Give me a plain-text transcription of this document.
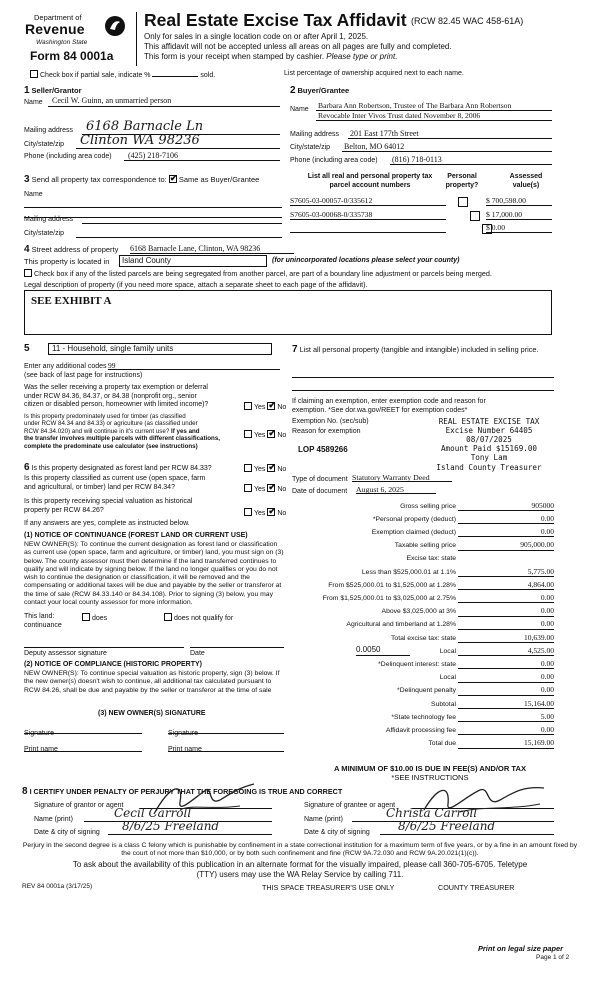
Department of
Revenue
Washington State
Form 84 0001a
Real Estate Excise Tax Affidavit (RCW 82.45 WAC 458-61A)
Only for sales in a single location code on or after April 1, 2025.
This affidavit will not be accepted unless all areas on all pages are fully and completed.
This form is your receipt when stamped by cashier. Please type or print.
Check box if partial sale, indicate %	sold.	List percentage of ownership acquired next to each name.
1 Seller/Grantor
Name	Cecil W. Guinn, an unmarried person
Mailing address 6168 Barnacle Ln
City/state/zip	Clinton WA 98236
Phone (including area code)	(425) 218-7106
2 Buyer/Grantee
Name Barbara Ann Robertson, Trustee of The Barbara Ann Robertson
Revocable Inter Vivos Trust dated November 8, 2006
Mailing address 201 East 177th Street
City/state/zip Belton, MO 64012
Phone (including area code) (816) 718-0113
3 Send all property tax correspondence to: ✔ Same as Buyer/Grantee
Name
Mailing address
City/state/zip
List all real and personal property tax
parcel account numbers
Personal
property?
Assessed
value(s)
S7605-03-00057-0/335612	$ 700,598.00
S7605-03-00068-0/335738	$ 17,000.00
$ 0.00
4 Street address of property 6168 Barnacle Lane, Clinton, WA 98236
This property is located in	Island County	(for unincorporated locations please select your county)
Check box if any of the listed parcels are being segregated from another parcel, are part of a boundary line adjustment or parcels being merged.
Legal description of property (if you need more space, attach a separate sheet to each page of the affidavit).
SEE EXHIBIT A
5	11 - Household, single family units
Enter any additional codes 99
(see back of last page for instructions)
Was the seller receiving a property tax exemption or deferral
under RCW 84.36, 84.37, or 84.38 (nonprofit org., senior
citizen or disabled person, homeowner with limited income)?	Yes ✔ No
Is this property predominately used for timber (as classified
under RCW 84.34 and 84.33) or agriculture (as classified under
RCW 84.34.020) and will continue in it's current use? If yes and
the transfer involves multiple parcels with different classifications,
complete the predominate use calculator (see instructions)
Yes ✔ No
6 Is this property designated as forest land per RCW 84.33?	Yes ✔ No
Is this property classified as current use (open space, farm
and agricultural, or timber) land per RCW 84.34?	Yes ✔ No
Is this property receiving special valuation as historical
property per RCW 84.26?	Yes ✔ No
If any answers are yes, complete as instructed below.
(1) NOTICE OF CONTINUANCE (FOREST LAND OR CURRENT USE)
NEW OWNER(S): To continue the current designation as forest land or classification as current use (open space, farm and agriculture, or timber) land, you must sign on (3) below. The county assessor must then determine if the land transferred continues to qualify and will indicate by signing below. If the land no longer qualifies or you do not wish to continue the designation or classification, it will be removed and the compensating or additional taxes will be due and payable by the seller or transferor at the time of sale (RCW 84.33.140 or 84.34.108). Prior to signing (3) below, you may contact your local county assessor for more information.
This land:	does	does not qualify for
continuance
Deputy assessor signature	Date
(2) NOTICE OF COMPLIANCE (HISTORIC PROPERTY)
NEW OWNER(S): To continue special valuation as historic property, sign (3) below. If the new owner(s) doesn't wish to continue, all additional tax calculated pursuant to RCW 84.26, shall be due and payable by the seller or transferor at the time of sale
(3) NEW OWNER(S) SIGNATURE
Signature	Signature
Print name	Print name
7 List all personal property (tangible and intangible) included in selling price.
If claiming an exemption, enter exemption code and reason for
exemption. *See dor.wa.gov/REET for exemption codes*
Exemption No. (sec/sub)
Reason for exemption
REAL ESTATE EXCISE TAX
Excise Number 64405
08/07/2025
Amount Paid $15169.00
Tony Lam
Island County Treasurer
LOP 4589266
Type of document Statutory Warranty Deed
Date of document August 6, 2025
Gross selling price	905000
*Personal property (deduct)	0.00
Exemption claimed (deduct)	0.00
Taxable selling price	905,000.00
Excise tax: state
Less than $525,000.01 at 1.1%	5,775.00
From $525,000.01 to $1,525,000 at 1.28%	4,864.00
From $1,525,000.01 to $3,025,000 at 2.75%	0.00
Above $3,025,000 at 3%	0.00
Agricultural and timberland at 1.28%	0.00
Total excise tax: state	10,639.00
Local	4,525.00
0.0050
*Delinquent interest: state	0.00
Local	0.00
*Delinquent penalty	0.00
Subtotal	15,164.00
*State technology fee	5.00
Affidavit processing fee	0.00
Total due	15,169.00
A MINIMUM OF $10.00 IS DUE IN FEE(S) AND/OR TAX
*SEE INSTRUCTIONS
8 I CERTIFY UNDER PENALTY OF PERJURY THAT THE FOREGOING IS TRUE AND CORRECT
Signature of grantor or agent
Name (print)	Cecil Carroll
Date & city of signing	8/6/25 Freeland
Signature of grantee or agent
Name (print)	Christa Carroll
Date & city of signing	8/6/25 Freeland
Perjury in the second degree is a class C felony which is punishable by confinement in a state correctional institution for a maximum term of five years, or by a fine in an amount fixed by the court of not more than $10,000, or by both such confinement and fine (RCW 9A.72.030 and RCW 9A.20.021(1)(c)).
To ask about the availability of this publication in an alternate format for the visually impaired, please call 360-705-6705. Teletype
(TTY) users may use the WA Relay Service by calling 711.
REV 84 0001a (3/17/25)	THIS SPACE TREASURER'S USE ONLY	COUNTY TREASURER
Print on legal size paper
Page 1 of 2
